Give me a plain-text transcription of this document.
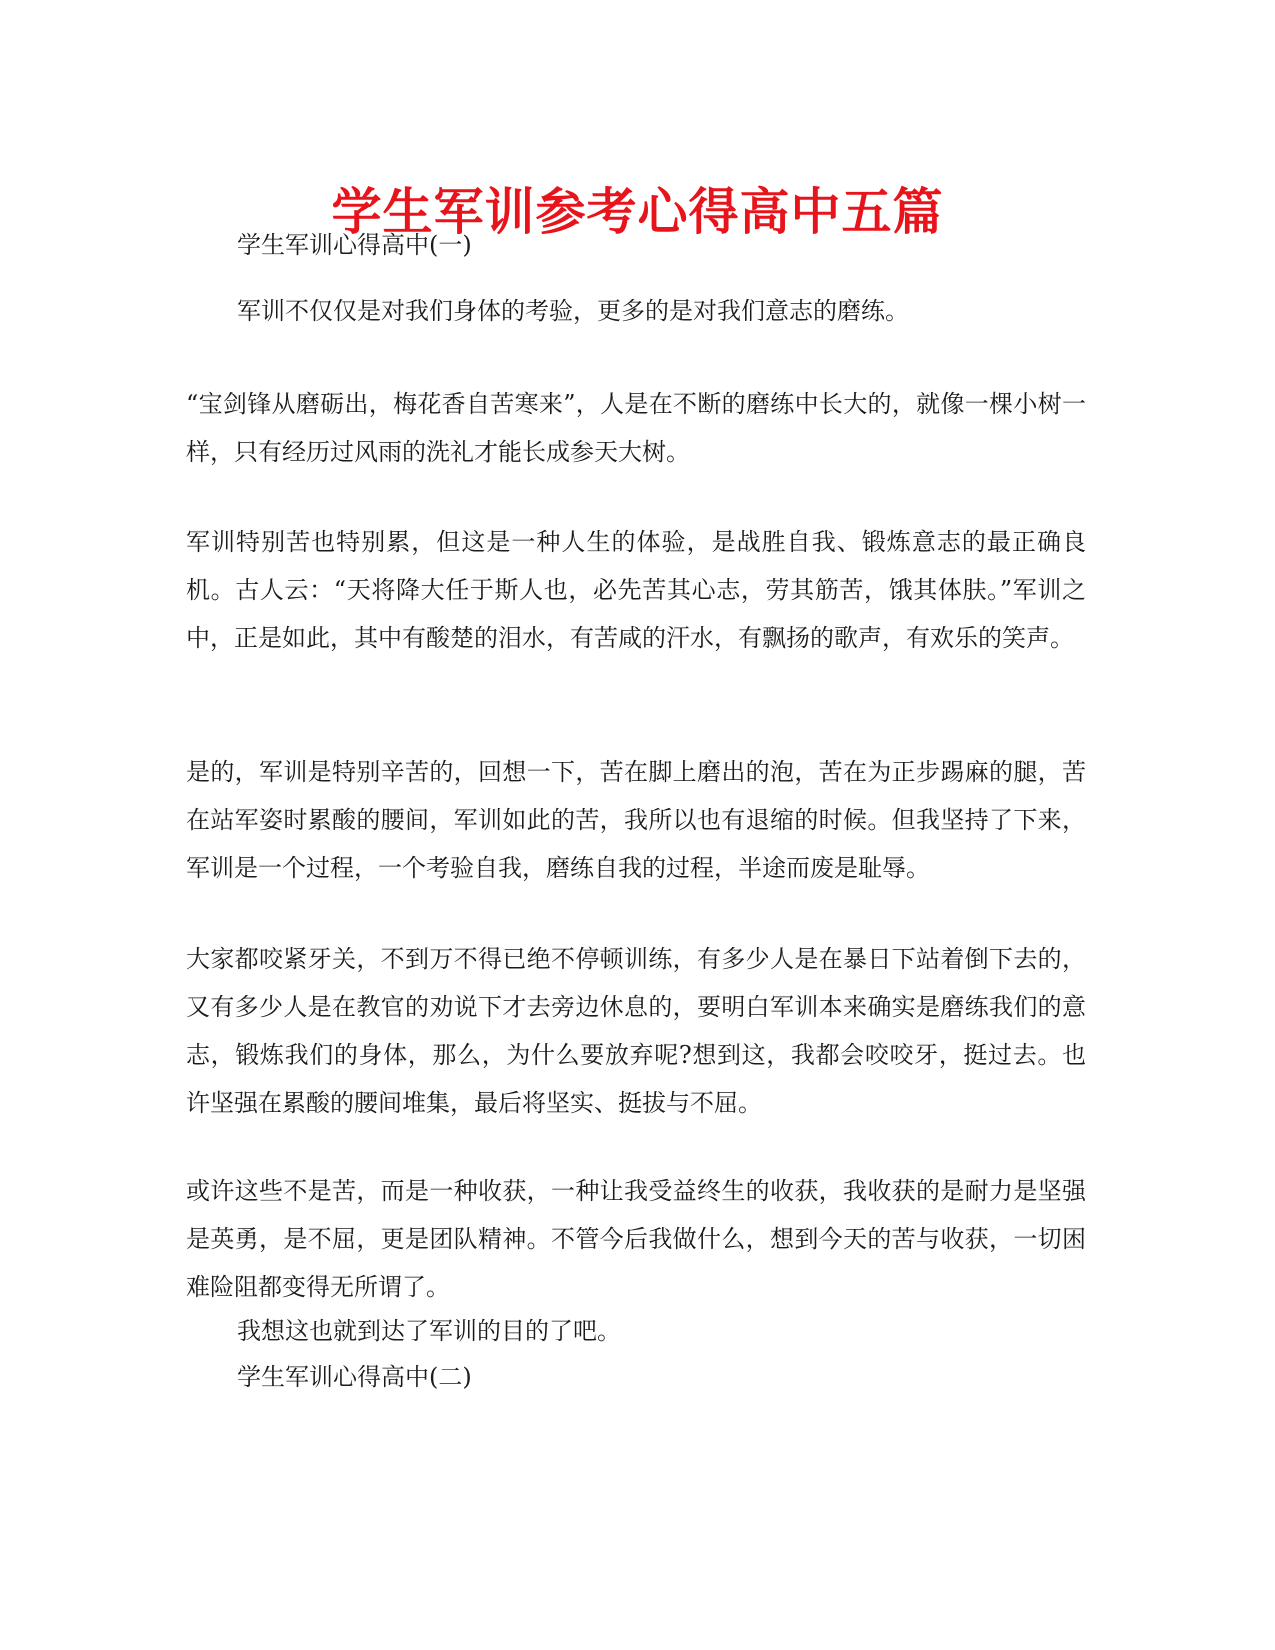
学生军训参考心得高中五篇

学生军训心得高中(一)

军训不仅仅是对我们身体的考验，更多的是对我们意志的磨练。

“宝剑锋从磨砺出，梅花香自苦寒来”，人是在不断的磨练中长大的，就像一棵小树一样，只有经历过风雨的洗礼才能长成参天大树。

军训特别苦也特别累，但这是一种人生的体验，是战胜自我、锻炼意志的最正确良机。古人云：“天将降大任于斯人也，必先苦其心志，劳其筋苦，饿其体肤。”军训之中，正是如此，其中有酸楚的泪水，有苦咸的汗水，有飘扬的歌声，有欢乐的笑声。

是的，军训是特别辛苦的，回想一下，苦在脚上磨出的泡，苦在为正步踢麻的腿，苦在站军姿时累酸的腰间，军训如此的苦，我所以也有退缩的时候。但我坚持了下来，军训是一个过程，一个考验自我，磨练自我的过程，半途而废是耻辱。

大家都咬紧牙关，不到万不得已绝不停顿训练，有多少人是在暴日下站着倒下去的，又有多少人是在教官的劝说下才去旁边休息的，要明白军训本来确实是磨练我们的意志，锻炼我们的身体，那么，为什么要放弃呢?想到这，我都会咬咬牙，挺过去。也许坚强在累酸的腰间堆集，最后将坚实、挺拔与不屈。

或许这些不是苦，而是一种收获，一种让我受益终生的收获，我收获的是耐力是坚强是英勇，是不屈，更是团队精神。不管今后我做什么，想到今天的苦与收获，一切困难险阻都变得无所谓了。

我想这也就到达了军训的目的了吧。

学生军训心得高中(二)
